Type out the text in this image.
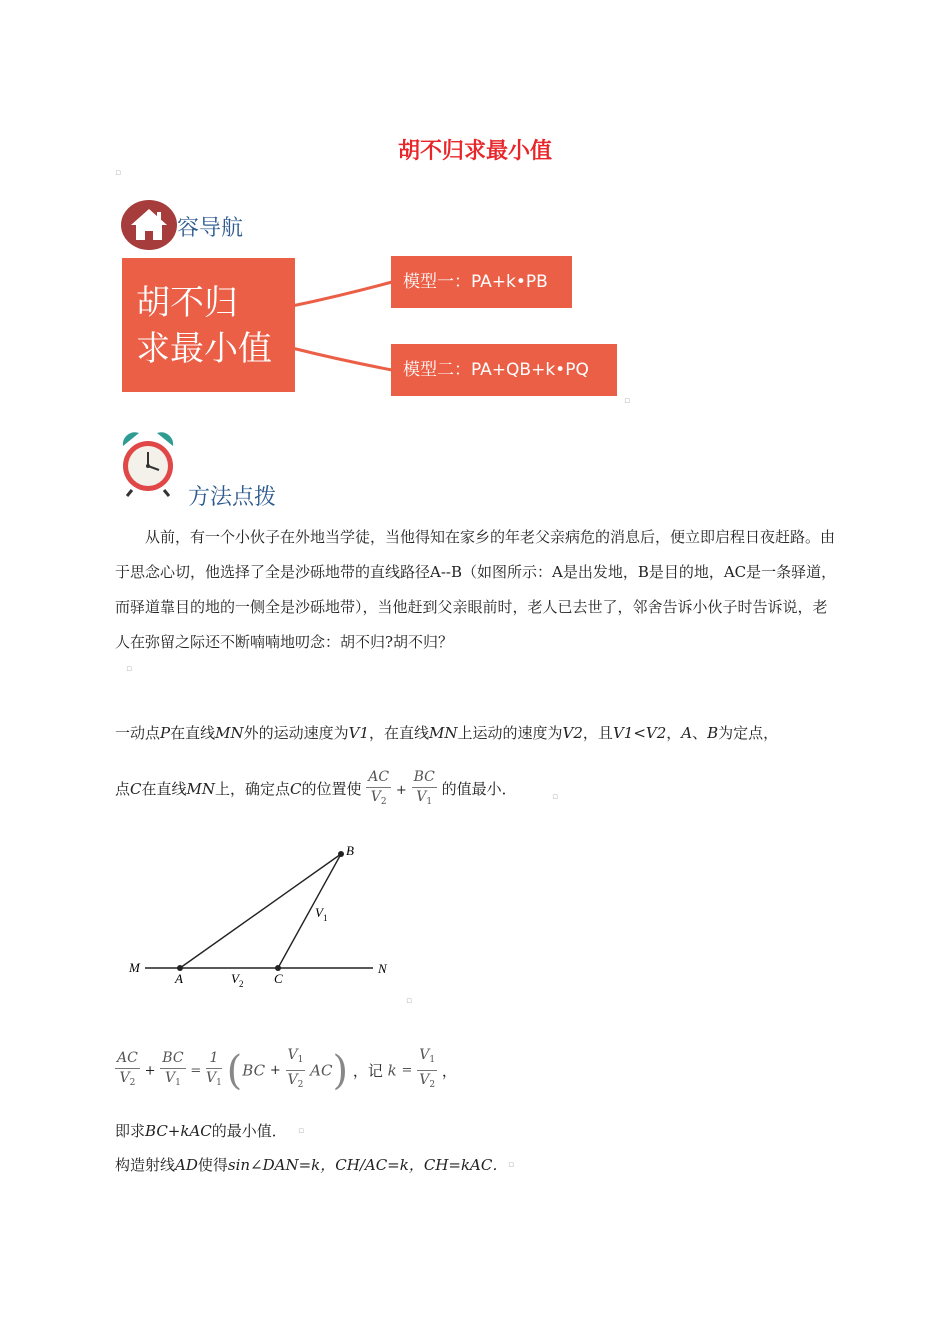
胡不归求最小值
▫
容导航
胡不归
求最小值
模型一：PA+k•PB
模型二：PA+QB+k•PQ
▫
方法点拨
从前，有一个小伙子在外地当学徒，当他得知在家乡的年老父亲病危的消息后，便立即启程日夜赶路。由于思念心切，他选择了全是沙砾地带的直线路径A--B（如图所示：A是出发地，B是目的地，AC是一条驿道，而驿道靠目的地的一侧全是沙砾地带），当他赶到父亲眼前时，老人已去世了，邻舍告诉小伙子时告诉说，老人在弥留之际还不断喃喃地叨念：胡不归?胡不归？
▫
一动点P在直线MN外的运动速度为V1，在直线MN上运动的速度为V2，且V1<V2，A、B为定点，
点C在直线MN上，确定点C的位置使 $\frac{AC}{V_2} + \frac{BC}{V_1}$ 的值最小．	▫
M
A	C
N
B
$V_1$
$V_2$
▫
$\frac{AC}{V_2} + \frac{BC}{V_1} = \frac{1}{V_1} (BC + \frac{V_1}{V_2} AC)$ ，记 $k = \frac{V_1}{V_2}$ ，
即求BC+kAC的最小值． ▫
构造射线AD使得sin∠DAN=k，CH/AC=k，CH=kAC． ▫
